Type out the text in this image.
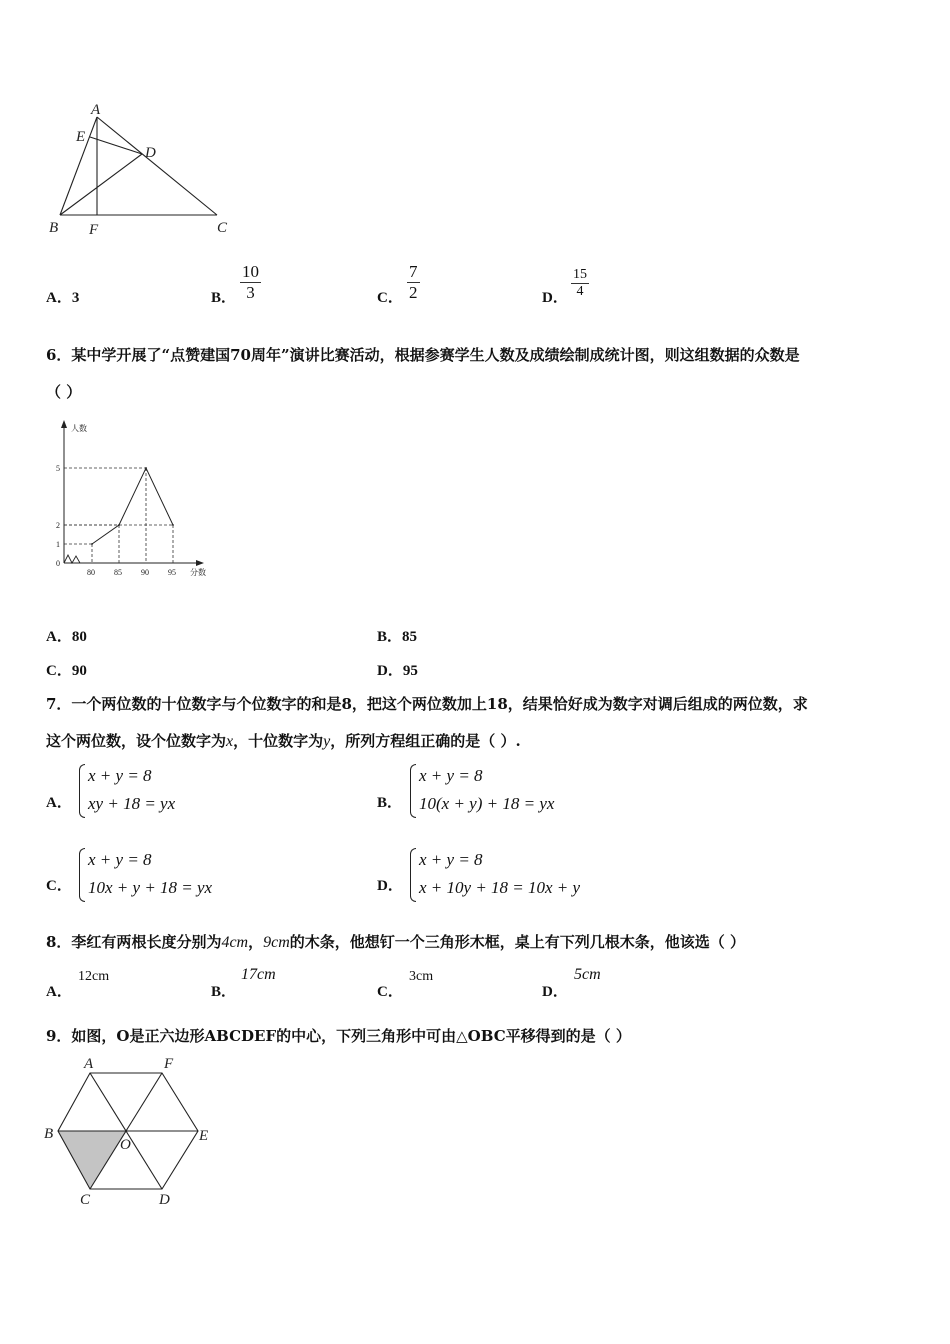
A
E
D
B F	C
A．3	B． $\frac{10}{3}$	C． $\frac{7}{2}$	D． $\frac{15}{4}$
6．某中学开展了“点赞建国70周年”演讲比赛活动，根据参赛学生人数及成绩绘制成统计图，则这组数据的众数是
（ ）
人数
分数
0
1
2
5
80 85 90 95
A．80	B．85
C．90	D．95
7．一个两位数的十位数字与个位数字的和是8，把这个两位数加上18，结果恰好成为数字对调后组成的两位数，求
这个两位数，设个位数字为x，十位数字为y，所列方程组正确的是（ ）.
A．
x + y = 8
xy + 18 = yx	B．
x + y = 8
10(x + y) + 18 = yx
C．
x + y = 8
10x + y + 18 = yx	D．
x + y = 8
x + 10y + 18 = 10x + y
8．李红有两根长度分别为4cm，9cm的木条，他想钉一个三角形木框，桌上有下列几根木条，他该选（ ）
A．
12cm
B．
17cm
C．
3cm
D．
5cm
9．如图，O是正六边形ABCDEF的中心，下列三角形中可由△OBC平移得到的是（ ）
A	F
B
O
E
C	D
